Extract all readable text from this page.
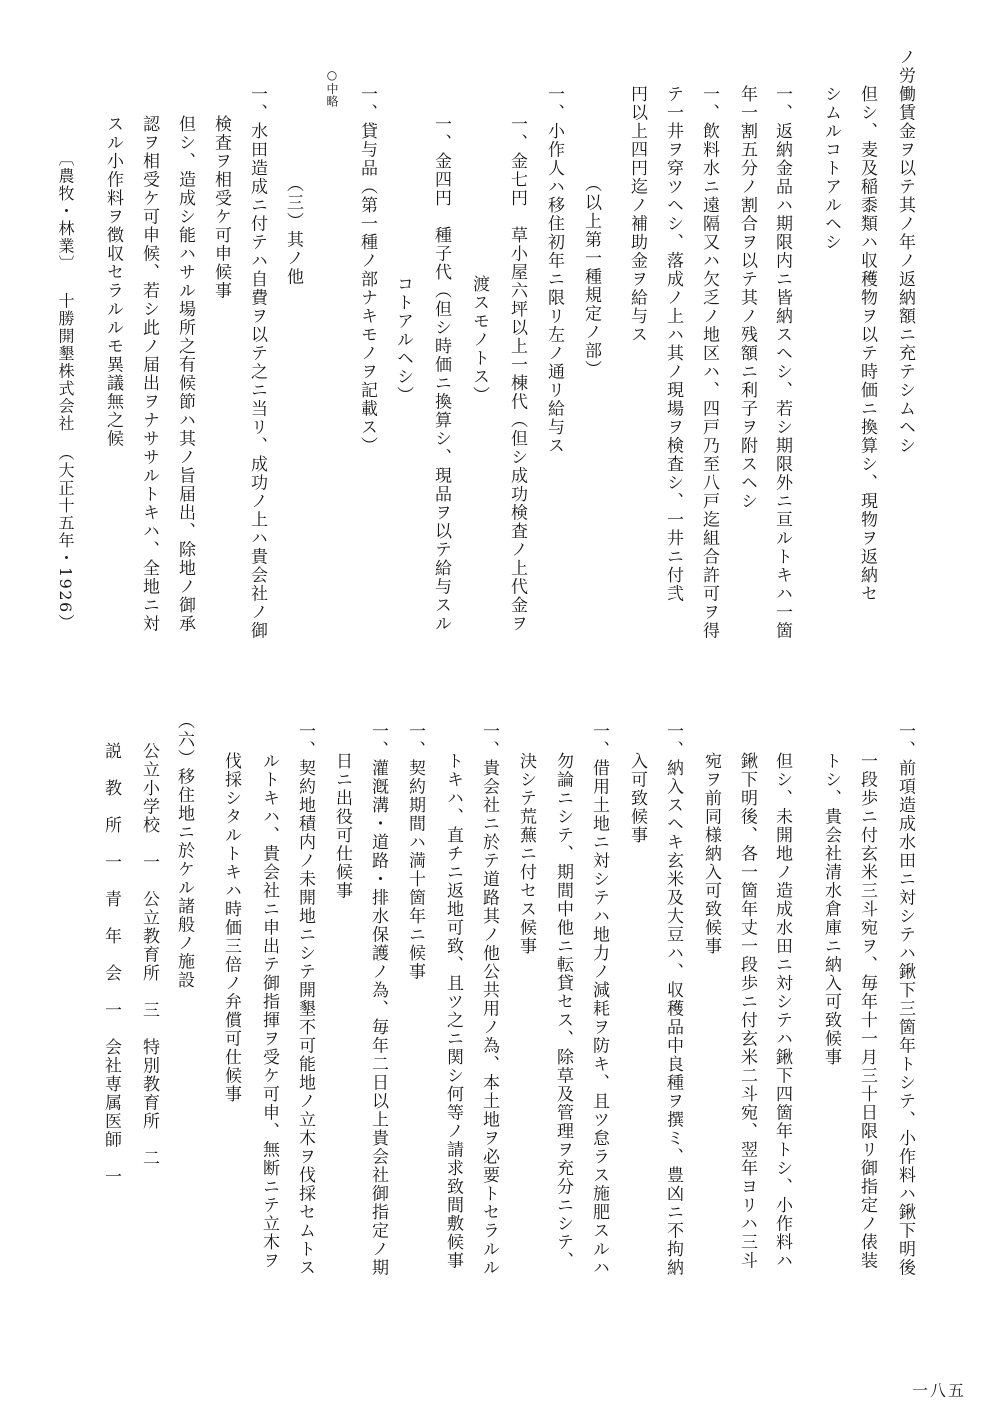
一、前項造成水田ニ対シテハ鍬下三箇年トシテ、小作料ハ鍬下明後
一段歩ニ付玄米三斗宛ヲ、毎年十一月三十日限リ御指定ノ俵装
トシ、貴会社清水倉庫ニ納入可致候事
但シ、未開地ノ造成水田ニ対シテハ鍬下四箇年トシ、小作料ハ
鍬下明後、各一箇年丈一段歩ニ付玄米二斗宛、翌年ヨリハ三斗
宛ヲ前同様納入可致候事
一、納入スヘキ玄米及大豆ハ、収穫品中良種ヲ撰ミ、豊凶ニ不拘納
入可致候事
一、借用土地ニ対シテハ地力ノ減耗ヲ防キ、且ツ怠ラス施肥スルハ
勿論ニシテ、期間中他ニ転貸セス、除草及管理ヲ充分ニシテ、
決シテ荒蕪ニ付セス候事
一、貴会社ニ於テ道路其ノ他公共用ノ為、本土地ヲ必要トセラルル
トキハ、直チニ返地可致、且ツ之ニ関シ何等ノ請求致間敷候事
一、契約期間ハ満十箇年ニ候事
一、灌漑溝・道路・排水保護ノ為、毎年二日以上貴会社御指定ノ期
日ニ出役可仕候事
一、契約地積内ノ未開地ニシテ開墾不可能地ノ立木ヲ伐採セムトス
ルトキハ、貴会社ニ申出テ御指揮ヲ受ケ可申、無断ニテ立木ヲ
伐採シタルトキハ時価三倍ノ弁償可仕候事
（六）移住地ニ於ケル諸般ノ施設
公立小学校　一　公立教育所　三　特別教育所　二
説　教　所　一　青　年　会　一　会社専属医師　一
一八五
ノ労働賃金ヲ以テ其ノ年ノ返納額ニ充テシムヘシ
但シ、麦及稲黍類ハ収穫物ヲ以テ時価ニ換算シ、現物ヲ返納セ
シムルコトアルヘシ
一、返納金品ハ期限内ニ皆納スヘシ、若シ期限外ニ亘ルトキハ一箇
年一割五分ノ割合ヲ以テ其ノ残額ニ利子ヲ附スヘシ
一、飲料水ニ遠隔又ハ欠乏ノ地区ハ、四戸乃至八戸迄組合許可ヲ得
テ一井ヲ穿ツヘシ、落成ノ上ハ其ノ現場ヲ検査シ、一井ニ付弐
円以上四円迄ノ補助金ヲ給与ス
（以上第一種規定ノ部）
一、小作人ハ移住初年ニ限リ左ノ通リ給与ス
一、金七円　草小屋六坪以上一棟代（但シ成功検査ノ上代金ヲ
渡スモノトス）
一、金四円　種子代（但シ時価ニ換算シ、現品ヲ以テ給与スル
コトアルヘシ）
一、貸与品（第一種ノ部ナキモノヲ記載ス）
○中略
（三）其ノ他
一、水田造成ニ付テハ自費ヲ以テ之ニ当リ、成功ノ上ハ貴会社ノ御
検査ヲ相受ケ可申候事
但シ、造成シ能ハサル場所之有候節ハ其ノ旨届出、除地ノ御承
認ヲ相受ケ可申候、若シ此ノ届出ヲナササルトキハ、全地ニ対
スル小作料ヲ徴収セラルルモ異議無之候
〔農牧・林業〕十勝開墾株式会社（大正十五年・1926）
